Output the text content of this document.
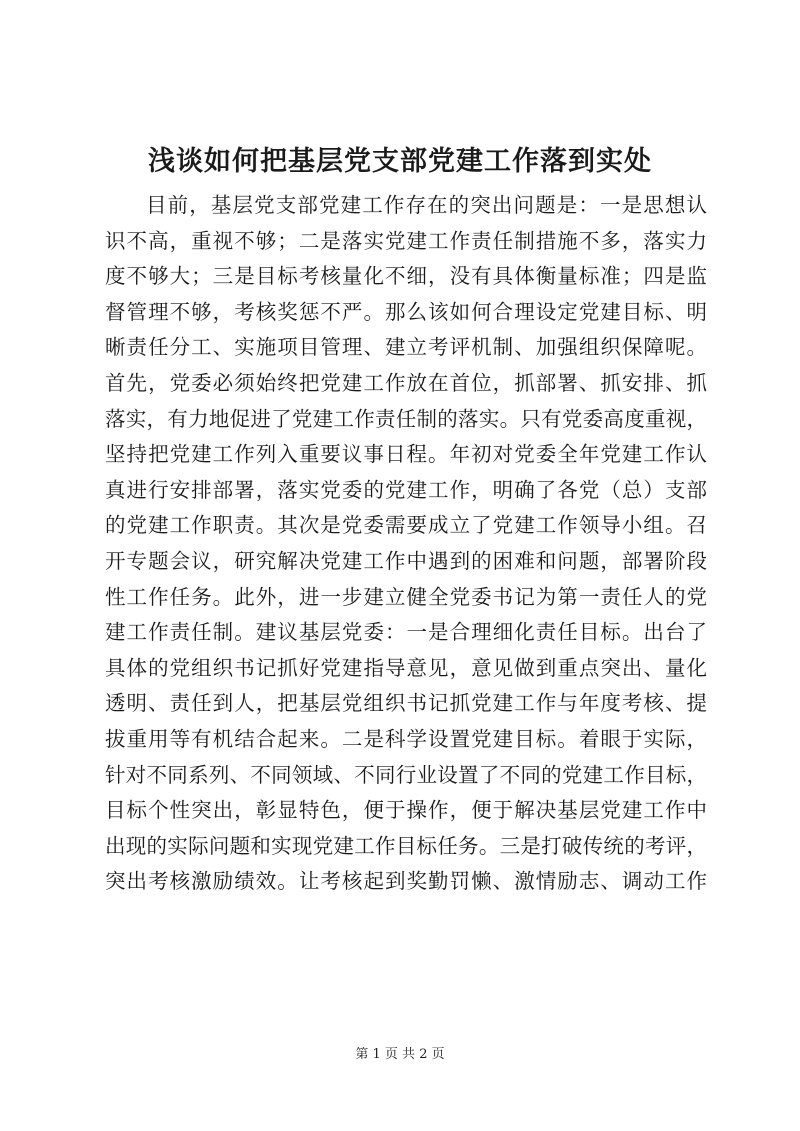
浅谈如何把基层党支部党建工作落到实处
目前，基层党支部党建工作存在的突出问题是：一是思想认
识不高，重视不够；二是落实党建工作责任制措施不多，落实力
度不够大；三是目标考核量化不细，没有具体衡量标准；四是监
督管理不够，考核奖惩不严。那么该如何合理设定党建目标、明
晰责任分工、实施项目管理、建立考评机制、加强组织保障呢。
首先，党委必须始终把党建工作放在首位，抓部署、抓安排、抓
落实，有力地促进了党建工作责任制的落实。只有党委高度重视，
坚持把党建工作列入重要议事日程。年初对党委全年党建工作认
真进行安排部署，落实党委的党建工作，明确了各党（总）支部
的党建工作职责。其次是党委需要成立了党建工作领导小组。召
开专题会议，研究解决党建工作中遇到的困难和问题，部署阶段
性工作任务。此外，进一步建立健全党委书记为第一责任人的党
建工作责任制。建议基层党委：一是合理细化责任目标。出台了
具体的党组织书记抓好党建指导意见，意见做到重点突出、量化
透明、责任到人，把基层党组织书记抓党建工作与年度考核、提
拔重用等有机结合起来。二是科学设置党建目标。着眼于实际，
针对不同系列、不同领域、不同行业设置了不同的党建工作目标，
目标个性突出，彰显特色，便于操作，便于解决基层党建工作中
出现的实际问题和实现党建工作目标任务。三是打破传统的考评，
突出考核激励绩效。让考核起到奖勤罚懒、激情励志、调动工作
第 1 页 共 2 页
